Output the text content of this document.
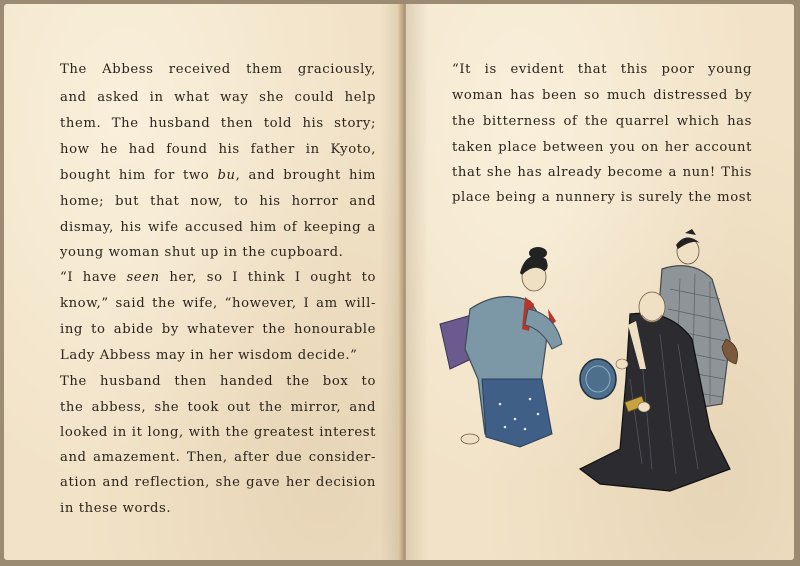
The Abbess received them graciously,
and asked in what way she could help
them. The husband then told his story;
how he had found his father in Kyoto,
bought him for two bu, and brought him
home; but that now, to his horror and
dismay, his wife accused him of keeping a
young woman shut up in the cupboard.
“I have seen her, so I think I ought to
know,” said the wife, “however, I am will-
ing to abide by whatever the honourable
Lady Abbess may in her wisdom decide.”
The husband then handed the box to
the abbess, she took out the mirror, and
looked in it long, with the greatest interest
and amazement. Then, after due consider-
ation and reflection, she gave her decision
in these words.
“It is evident that this poor young
woman has been so much distressed by
the bitterness of the quarrel which has
taken place between you on her account
that she has already become a nun! This
place being a nunnery is surely the most
